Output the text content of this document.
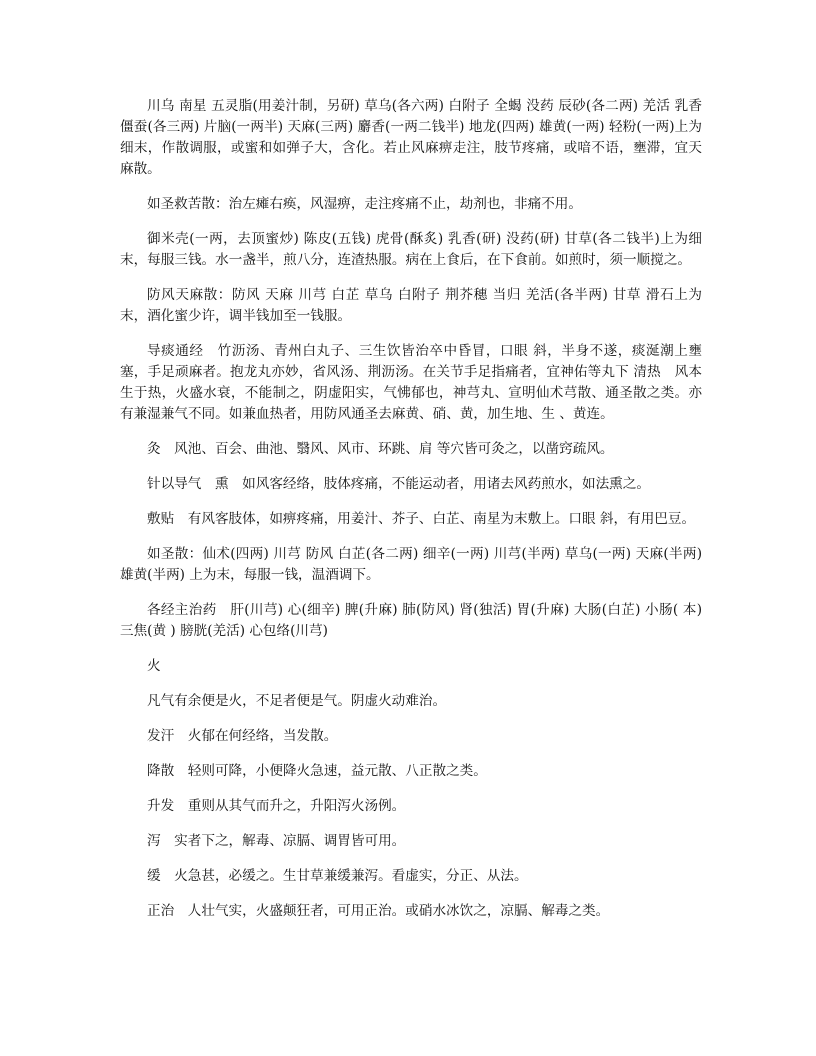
川乌 南星 五灵脂(用姜汁制，另研) 草乌(各六两) 白附子 全蝎 没药 辰砂(各二两) 羌活 乳香 僵蚕(各三两) 片脑(一两半) 天麻(三两) 麝香(一两二钱半) 地龙(四两) 雄黄(一两) 轻粉(一两)上为细末，作散调服，或蜜和如弹子大，含化。若止风麻痹走注，肢节疼痛，或喑不语，壅滞，宜天麻散。

如圣救苦散：治左瘫右痪，风湿痹，走注疼痛不止，劫剂也，非痛不用。

御米壳(一两，去顶蜜炒) 陈皮(五钱) 虎骨(酥炙) 乳香(研) 没药(研) 甘草(各二钱半)上为细末，每服三钱。水一盏半，煎八分，连渣热服。病在上食后，在下食前。如煎时，须一顺搅之。

防风天麻散：防风 天麻 川芎 白芷 草乌 白附子 荆芥穗 当归 羌活(各半两) 甘草 滑石上为末，酒化蜜少许，调半钱加至一钱服。

导痰通经　竹沥汤、青州白丸子、三生饮皆治卒中昏冒，口眼 斜，半身不遂，痰涎潮上壅塞，手足顽麻者。抱龙丸亦妙，省风汤、荆沥汤。在关节手足指痛者，宜神佑等丸下 清热　风本生于热，火盛水衰，不能制之，阴虚阳实，气怫郁也，神芎丸、宣明仙术芎散、通圣散之类。亦有兼湿兼气不同。如兼血热者，用防风通圣去麻黄、硝、黄，加生地、生 、黄连。

灸　风池、百会、曲池、翳风、风市、环跳、肩 等穴皆可灸之，以凿窍疏风。

针以导气　熏　如风客经络，肢体疼痛，不能运动者，用诸去风药煎水，如法熏之。

敷贴　有风客肢体，如痹疼痛，用姜汁、芥子、白芷、南星为末敷上。口眼 斜，有用巴豆。

如圣散：仙术(四两) 川芎 防风 白芷(各二两) 细辛(一两) 川芎(半两) 草乌(一两) 天麻(半两) 雄黄(半两) 上为末，每服一钱，温酒调下。

各经主治药　肝(川芎) 心(细辛) 脾(升麻) 肺(防风) 肾(独活) 胃(升麻) 大肠(白芷) 小肠( 本) 三焦(黄 ) 膀胱(羌活) 心包络(川芎)

火

凡气有余便是火，不足者便是气。阴虚火动难治。

发汗　火郁在何经络，当发散。

降散　轻则可降，小便降火急速，益元散、八正散之类。

升发　重则从其气而升之，升阳泻火汤例。

泻　实者下之，解毒、凉膈、调胃皆可用。

缓　火急甚，必缓之。生甘草兼缓兼泻。看虚实，分正、从法。

正治　人壮气实，火盛颠狂者，可用正治。或硝水冰饮之，凉膈、解毒之类。
